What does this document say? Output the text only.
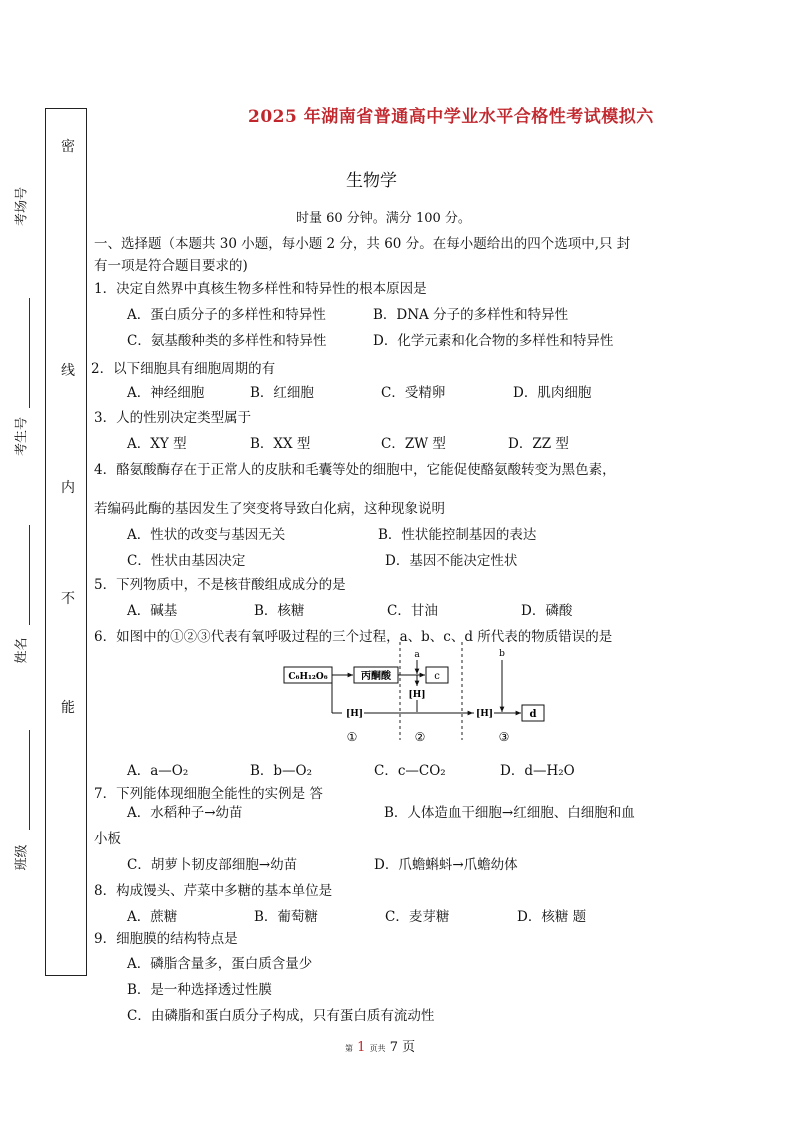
密
线
内
不
能
考场号
考生号
姓名
班级
2025 年湖南省普通高中学业水平合格性考试模拟六
生物学
时量 60 分钟。满分 100 分。
一、选择题（本题共 30 小题，每小题 2 分，共 60 分。在每小题给出的四个选项中,只 封
有一项是符合题目要求的)
1．决定自然界中真核生物多样性和特异性的根本原因是
A．蛋白质分子的多样性和特异性	B．DNA 分子的多样性和特异性
C．氨基酸种类的多样性和特异性	D．化学元素和化合物的多样性和特异性
2．以下细胞具有细胞周期的有
A．神经细胞	B．红细胞	C．受精卵	D．肌肉细胞
3．人的性别决定类型属于
A．XY 型	B．XX 型	C．ZW 型	D．ZZ 型
4．酪氨酸酶存在于正常人的皮肤和毛囊等处的细胞中，它能促使酪氨酸转变为黑色素，
若编码此酶的基因发生了突变将导致白化病，这种现象说明
A．性状的改变与基因无关	B．性状能控制基因的表达
C．性状由基因决定	D．基因不能决定性状
5．下列物质中，不是核苷酸组成成分的是
A．碱基	B．核糖	C．甘油	D．磷酸
6．如图中的①②③代表有氧呼吸过程的三个过程，a、b、c、d 所代表的物质错误的是
C₆H₁₂O₆	丙酮酸	c
d
[H]
a
[H]
[H]
b
①	②	③
A．a—O₂	B．b—O₂	C．c—CO₂	D．d—H₂O
7．下列能体现细胞全能性的实例是 答
A．水稻种子→幼苗	B．人体造血干细胞→红细胞、白细胞和血
小板
C．胡萝卜韧皮部细胞→幼苗	D．爪蟾蝌蚪→爪蟾幼体
8．构成馒头、芹菜中多糖的基本单位是
A．蔗糖	B．葡萄糖	C．麦芽糖	D．核糖 题
9．细胞膜的结构特点是
A．磷脂含量多，蛋白质含量少
B．是一种选择透过性膜
C．由磷脂和蛋白质分子构成，只有蛋白质有流动性
第 1 页共 7 页
